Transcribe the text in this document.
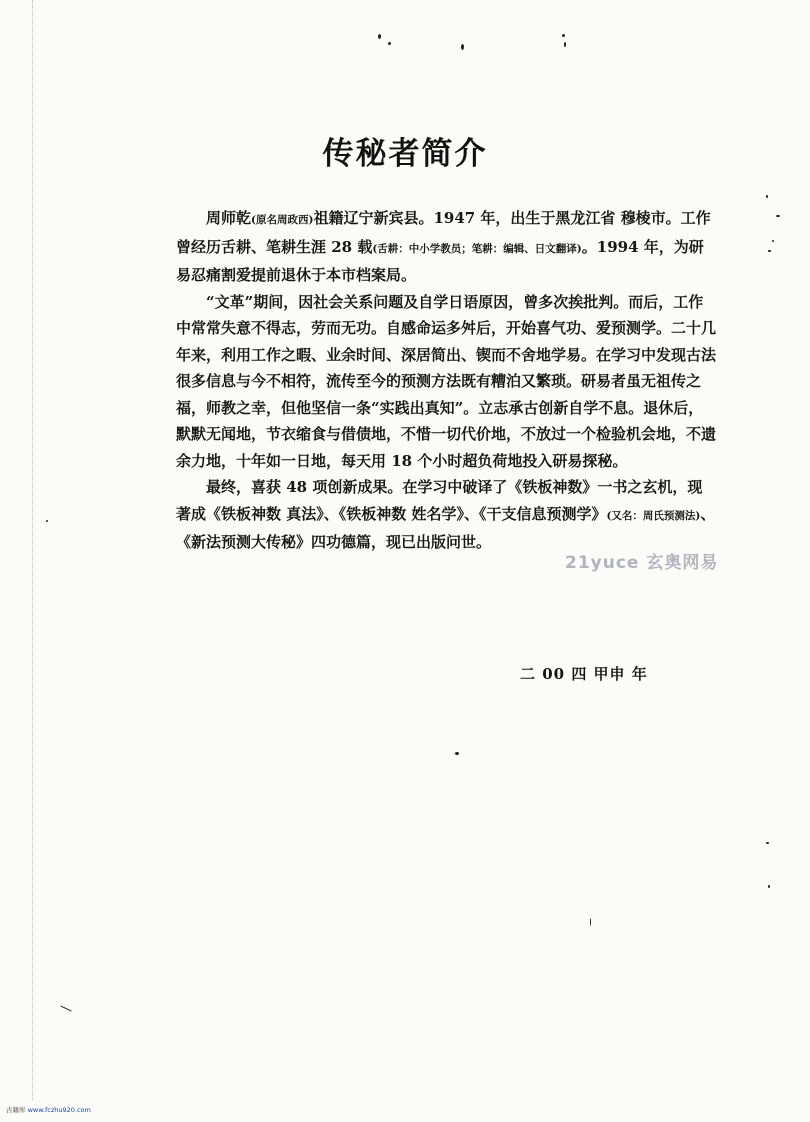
传秘者简介

周师乾(原名周政西)祖籍辽宁新宾县。1947 年，出生于黑龙江省 穆棱市。工作曾经历舌耕、笔耕生涯 28 载(舌耕：中小学教员；笔耕：编辑、日文翻译)。1994 年，为研易忍痛割爱提前退休于本市档案局。

“文革”期间，因社会关系问题及自学日语原因，曾多次挨批判。而后，工作中常常失意不得志，劳而无功。自感命运多舛后，开始喜气功、爱预测学。二十几年来，利用工作之暇、业余时间、深居简出、锲而不舍地学易。在学习中发现古法很多信息与今不相符，流传至今的预测方法既有糟泊又繁琐。研易者虽无祖传之福，师教之幸，但他坚信一条“实践出真知”。立志承古创新自学不息。退休后，默默无闻地，节衣缩食与借债地，不惜一切代价地，不放过一个检验机会地，不遗余力地，十年如一日地，每天用 18 个小时超负荷地投入研易探秘。

最终，喜获 48 项创新成果。在学习中破译了《铁板神数》一书之玄机，现著成《铁板神数 真法》、《铁板神数 姓名学》、《干支信息预测学》(又名：周氏预测法)、《新法预测大传秘》四功德篇，现已出版问世。

21yuce 玄奥网易
二 00 四 甲申 年
古籍库 www.fczhu920.com
